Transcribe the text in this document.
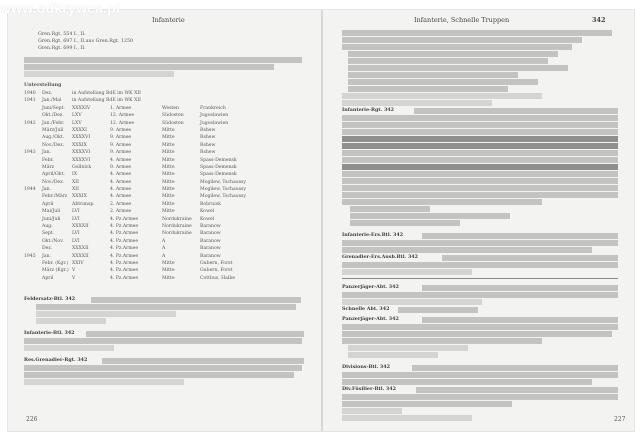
Infanterie
Gren.Rgt. 554 I., II.
Gren.Rgt. 697 I., II.aus Gren.Rgt. 1250
Gren.Rgt. 699 I., II.
Unterstellung
1940	Dez.	in Aufstellung BdE im WK XII
1941	Jan./Mai	in Aufstellung BdE im WK XII
Juni/Sept.	XXXXIV	1. Armee	Westen	Frankreich
Okt./Dez.	LXV	12. Armee	Südosten	Jugoslawien
1942	Jan./Febr.	LXV	12. Armee	Südosten	Jugoslawien
März/Juli	XXXXI	9. Armee	Mitte	Rshew
Aug./Okt.	XXXXVI	9. Armee	Mitte	Rshew
Nov./Dez.	XXXIX	9. Armee	Mitte	Rshew
1943	Jan.	XXXXVI	9. Armee	Mitte	Rshew
Febr.	XXXXVI	4. Armee	Mitte	Spass-Demensk
März	Gollnick	9. Armee	Mitte	Spass-Demensk
April/Okt.	IX	4. Armee	Mitte	Spass-Demensk
Nov./Dez.	XII	4. Armee	Mitte	Mogilew, Tschaussy
1944	Jan.	XII	4. Armee	Mitte	Mogilew, Tschaussy
Febr./März	XXXIX	4. Armee	Mitte	Mogilew, Tschaussy
April	Abtransp.	2. Armee	Mitte	Bobruisk
Mai/Juli	LVI	2. Armee	Mitte	Kowel
Juni/Juli	LVI	4. Pz.Armee	Nordukraine	Kowel
Aug.	XXXXII	4. Pz.Armee	Nordukraine	Baranow
Sept.	LVI	4. Pz.Armee	Nordukraine	Baranow
Okt./Nov.	LVI	4. Pz.Armee	A	Baranow
Dez.	XXXXII	4. Pz.Armee	A	Baranow
1945	Jan.	XXXXII	4. Pz.Armee	A	Baranow
Febr. (Kgr.) XXIV	4. Pz.Armee	Mitte	Gubern, Forst
März (Kgr.) V	4. Pz.Armee	Mitte	Gubern, Forst
April	V	4. Pz.Armee	Mitte	Cottbus, Halbe
Feldersatz-Btl. 342
Infanterie-Btl. 342
Res.Grenadier-Rgt. 342
226
Infanterie, Schnelle Truppen	342
Infanterie-Rgt. 342
Infanterie-Ers.Btl. 342
Grenadier-Ers.Ausb.Btl. 342
Panzerjäger-Abt. 342
Schnelle Abt. 342
Panzerjäger-Abt. 342
Divisions-Btl. 342
Div.Füsilier-Btl. 342
227
www.odkrywca.pl
